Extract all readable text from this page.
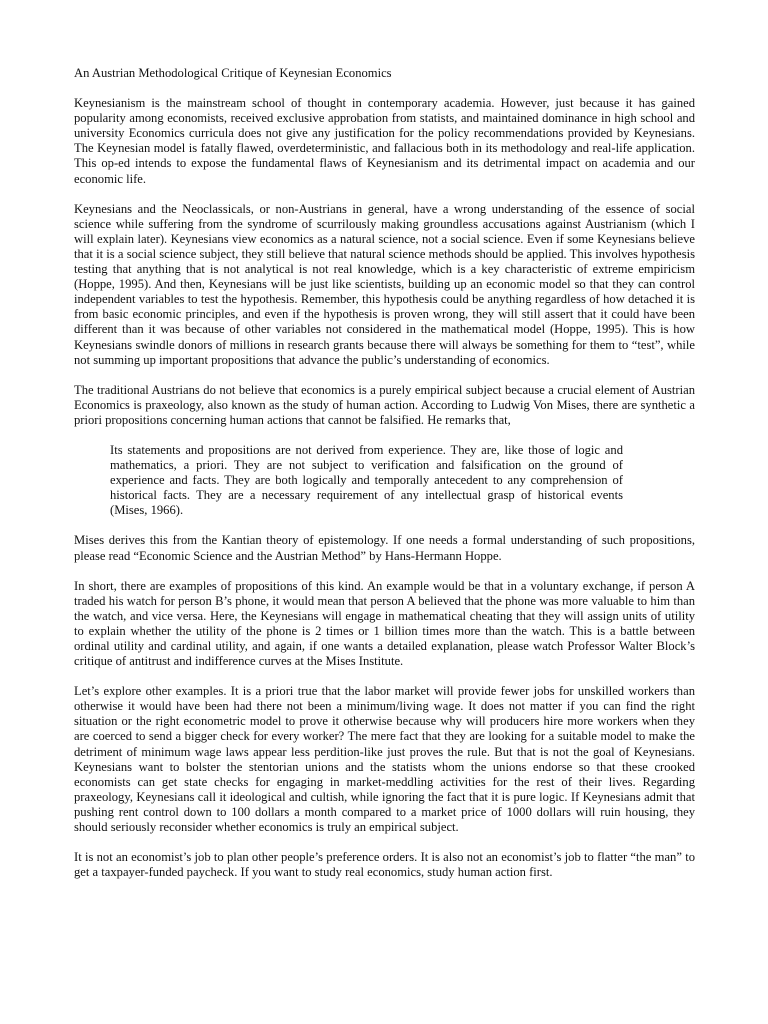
An Austrian Methodological Critique of Keynesian Economics

Keynesianism is the mainstream school of thought in contemporary academia. However, just because it has gained popularity among economists, received exclusive approbation from statists, and maintained dominance in high school and university Economics curricula does not give any justification for the policy recommendations provided by Keynesians. The Keynesian model is fatally flawed, overdeterministic, and fallacious both in its methodology and real-life application. This op-ed intends to expose the fundamental flaws of Keynesianism and its detrimental impact on academia and our economic life.

Keynesians and the Neoclassicals, or non-Austrians in general, have a wrong understanding of the essence of social science while suffering from the syndrome of scurrilously making groundless accusations against Austrianism (which I will explain later). Keynesians view economics as a natural science, not a social science. Even if some Keynesians believe that it is a social science subject, they still believe that natural science methods should be applied. This involves hypothesis testing that anything that is not analytical is not real knowledge, which is a key characteristic of extreme empiricism (Hoppe, 1995). And then, Keynesians will be just like scientists, building up an economic model so that they can control independent variables to test the hypothesis. Remember, this hypothesis could be anything regardless of how detached it is from basic economic principles, and even if the hypothesis is proven wrong, they will still assert that it could have been different than it was because of other variables not considered in the mathematical model (Hoppe, 1995). This is how Keynesians swindle donors of millions in research grants because there will always be something for them to “test”, while not summing up important propositions that advance the public’s understanding of economics.

The traditional Austrians do not believe that economics is a purely empirical subject because a crucial element of Austrian Economics is praxeology, also known as the study of human action. According to Ludwig Von Mises, there are synthetic a priori propositions concerning human actions that cannot be falsified. He remarks that,

Its statements and propositions are not derived from experience. They are, like those of logic and mathematics, a priori. They are not subject to verification and falsification on the ground of experience and facts. They are both logically and temporally antecedent to any comprehension of historical facts. They are a necessary requirement of any intellectual grasp of historical events (Mises, 1966).

Mises derives this from the Kantian theory of epistemology. If one needs a formal understanding of such propositions, please read “Economic Science and the Austrian Method” by Hans-Hermann Hoppe.

In short, there are examples of propositions of this kind. An example would be that in a voluntary exchange, if person A traded his watch for person B’s phone, it would mean that person A believed that the phone was more valuable to him than the watch, and vice versa. Here, the Keynesians will engage in mathematical cheating that they will assign units of utility to explain whether the utility of the phone is 2 times or 1 billion times more than the watch. This is a battle between ordinal utility and cardinal utility, and again, if one wants a detailed explanation, please watch Professor Walter Block’s critique of antitrust and indifference curves at the Mises Institute.

Let’s explore other examples. It is a priori true that the labor market will provide fewer jobs for unskilled workers than otherwise it would have been had there not been a minimum/living wage. It does not matter if you can find the right situation or the right econometric model to prove it otherwise because why will producers hire more workers when they are coerced to send a bigger check for every worker? The mere fact that they are looking for a suitable model to make the detriment of minimum wage laws appear less perdition-like just proves the rule. But that is not the goal of Keynesians. Keynesians want to bolster the stentorian unions and the statists whom the unions endorse so that these crooked economists can get state checks for engaging in market-meddling activities for the rest of their lives. Regarding praxeology, Keynesians call it ideological and cultish, while ignoring the fact that it is pure logic. If Keynesians admit that pushing rent control down to 100 dollars a month compared to a market price of 1000 dollars will ruin housing, they should seriously reconsider whether economics is truly an empirical subject.

It is not an economist’s job to plan other people’s preference orders. It is also not an economist’s job to flatter “the man” to get a taxpayer-funded paycheck. If you want to study real economics, study human action first.
